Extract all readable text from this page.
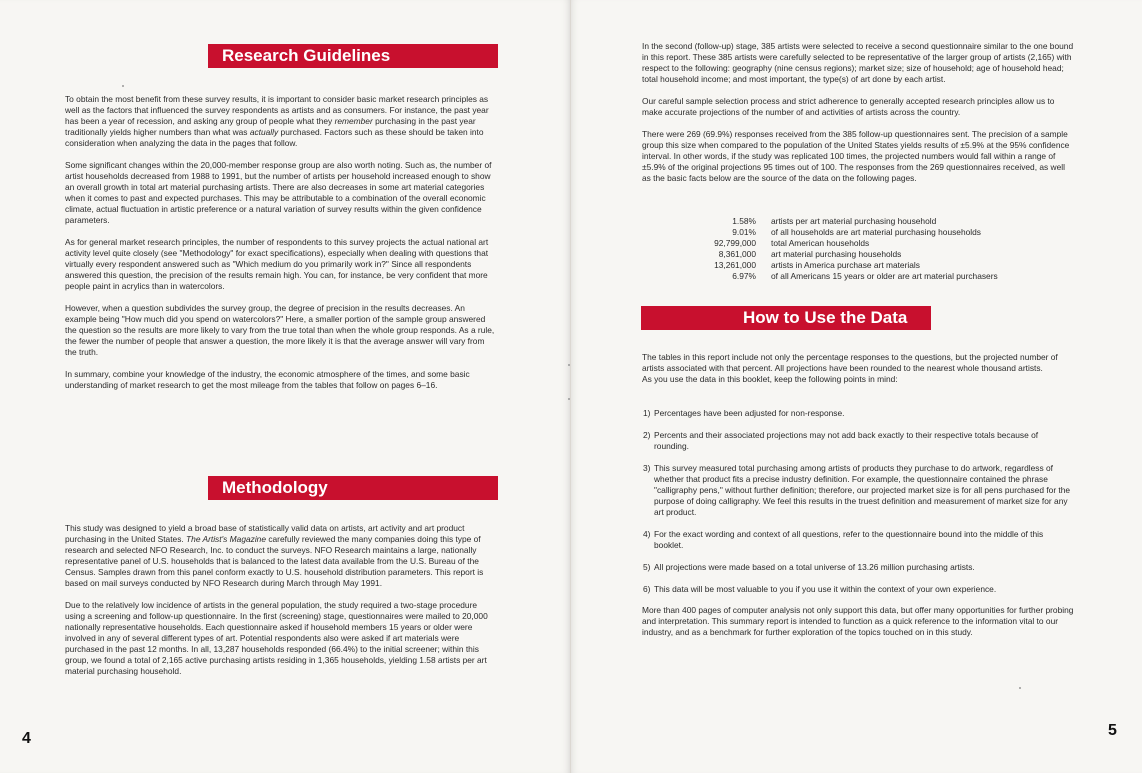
Research Guidelines

To obtain the most benefit from these survey results, it is important to consider basic market research principles as well as the factors that influenced the survey respondents as artists and as consumers. For instance, the past year has been a year of recession, and asking any group of people what they remember purchasing in the past year traditionally yields higher numbers than what was actually purchased. Factors such as these should be taken into consideration when analyzing the data in the pages that follow.

Some significant changes within the 20,000-member response group are also worth noting. Such as, the number of artist households decreased from 1988 to 1991, but the number of artists per household increased enough to show an overall growth in total art material purchasing artists. There are also decreases in some art material categories when it comes to past and expected purchases. This may be attributable to a combination of the overall economic climate, actual fluctuation in artistic preference or a natural variation of survey results within the given confidence parameters.

As for general market research principles, the number of respondents to this survey projects the actual national art activity level quite closely (see "Methodology" for exact specifications), especially when dealing with questions that virtually every respondent answered such as "Which medium do you primarily work in?" Since all respondents answered this question, the precision of the results remain high. You can, for instance, be very confident that more people paint in acrylics than in watercolors.

However, when a question subdivides the survey group, the degree of precision in the results decreases. An example being "How much did you spend on watercolors?" Here, a smaller portion of the sample group answered the question so the results are more likely to vary from the true total than when the whole group responds. As a rule, the fewer the number of people that answer a question, the more likely it is that the average answer will vary from the truth.

In summary, combine your knowledge of the industry, the economic atmosphere of the times, and some basic understanding of market research to get the most mileage from the tables that follow on pages 6–16.

Methodology

This study was designed to yield a broad base of statistically valid data on artists, art activity and art product purchasing in the United States. The Artist's Magazine carefully reviewed the many companies doing this type of research and selected NFO Research, Inc. to conduct the surveys. NFO Research maintains a large, nationally representative panel of U.S. households that is balanced to the latest data available from the U.S. Bureau of the Census. Samples drawn from this panel conform exactly to U.S. household distribution parameters. This report is based on mail surveys conducted by NFO Research during March through May 1991.

Due to the relatively low incidence of artists in the general population, the study required a two-stage procedure using a screening and follow-up questionnaire. In the first (screening) stage, questionnaires were mailed to 20,000 nationally representative households. Each questionnaire asked if household members 15 years or older were involved in any of several different types of art. Potential respondents also were asked if art materials were purchased in the past 12 months. In all, 13,287 households responded (66.4%) to the initial screener; within this group, we found a total of 2,165 active purchasing artists residing in 1,365 households, yielding 1.58 artists per art material purchasing household.

4

In the second (follow-up) stage, 385 artists were selected to receive a second questionnaire similar to the one bound in this report. These 385 artists were carefully selected to be representative of the larger group of artists (2,165) with respect to the following: geography (nine census regions); market size; size of household; age of household head; total household income; and most important, the type(s) of art done by each artist.

Our careful sample selection process and strict adherence to generally accepted research principles allow us to make accurate projections of the number of and activities of artists across the country.

There were 269 (69.9%) responses received from the 385 follow-up questionnaires sent. The precision of a sample group this size when compared to the population of the United States yields results of ±5.9% at the 95% confidence interval. In other words, if the study was replicated 100 times, the projected numbers would fall within a range of ±5.9% of the original projections 95 times out of 100. The responses from the 269 questionnaires received, as well as the basic facts below are the source of the data on the following pages.

1.58%	artists per art material purchasing household
9.01%	of all households are art material purchasing households
92,799,000	total American households
8,361,000	art material purchasing households
13,261,000	artists in America purchase art materials
6.97%	of all Americans 15 years or older are art material purchasers
How to Use the Data

The tables in this report include not only the percentage responses to the questions, but the projected number of artists associated with that percent. All projections have been rounded to the nearest whole thousand artists.

As you use the data in this booklet, keep the following points in mind:

1) Percentages have been adjusted for non-response.
2) Percents and their associated projections may not add back exactly to their respective totals because of rounding.
3) This survey measured total purchasing among artists of products they purchase to do artwork, regardless of whether that product fits a precise industry definition. For example, the questionnaire contained the phrase "calligraphy pens," without further definition; therefore, our projected market size is for all pens purchased for the purpose of doing calligraphy. We feel this results in the truest definition and measurement of market size for any art product.
4) For the exact wording and context of all questions, refer to the questionnaire bound into the middle of this booklet.
5) All projections were made based on a total universe of 13.26 million purchasing artists.
6) This data will be most valuable to you if you use it within the context of your own experience.
More than 400 pages of computer analysis not only support this data, but offer many opportunities for further probing and interpretation. This summary report is intended to function as a quick reference to the information vital to our industry, and as a benchmark for further exploration of the topics touched on in this study.
5
